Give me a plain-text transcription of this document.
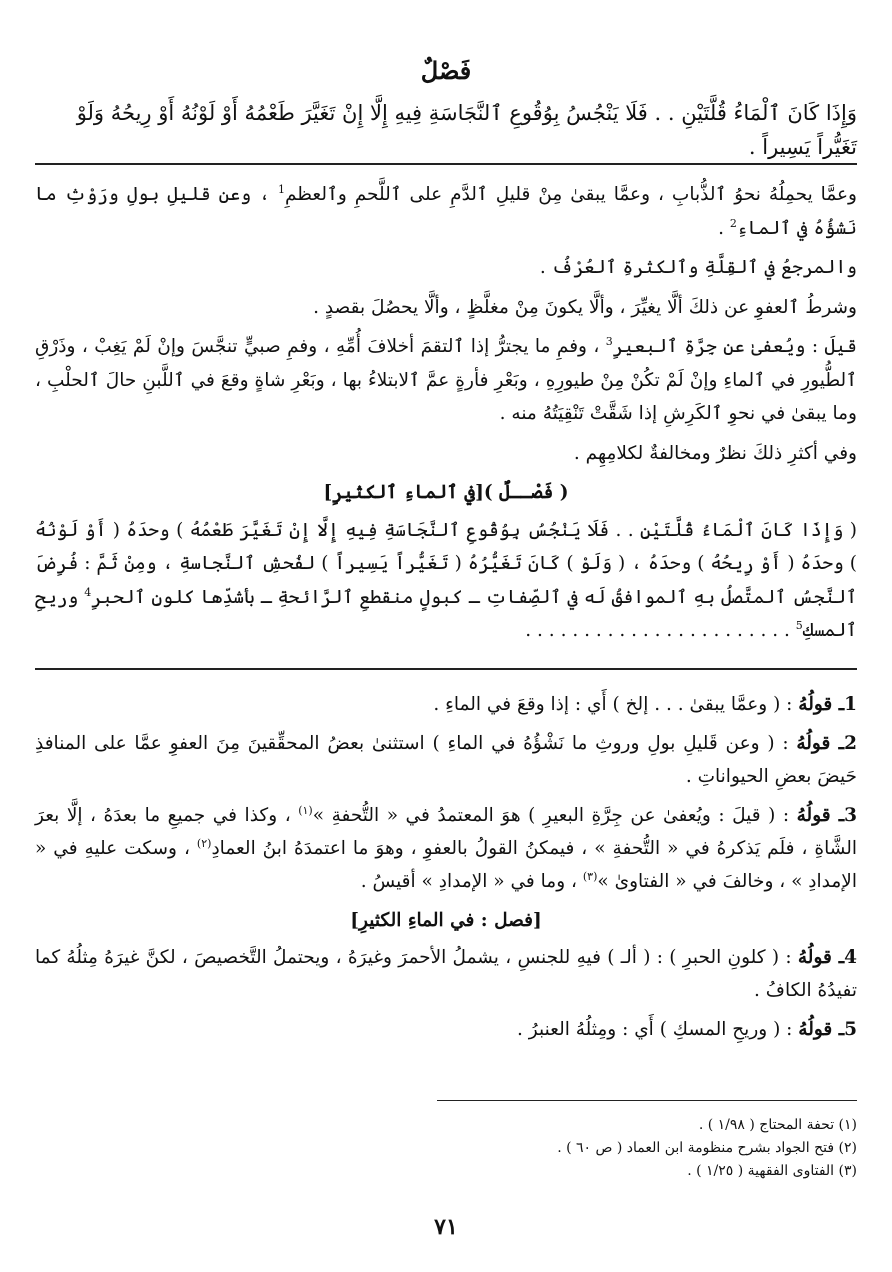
فَصْلٌ
وَإِذَا كَانَ ٱلْمَاءُ قُلَّتَيْنِ . . فَلَا يَنْجُسُ بِوُقُوعِ ٱلنَّجَاسَةِ فِيهِ إِلَّا إِنْ تَغَيَّرَ طَعْمُهُ أَوْ لَوْنُهُ أَوْ رِيحُهُ وَلَوْ تَغَيُّراً يَسِيراً .

وعمَّا يحمِلُهُ نحوُ ٱلذُّبابِ ، وعمَّا يبقىٰ مِنْ قليلِ ٱلدَّمِ على ٱللَّحمِ وٱلعظمِ$^1$ ، وعن قليلِ بولِ ورَوْثِ ما نَشؤُهُ في ٱلماءِ$^2$ .

والمرجعُ في ٱلقِلَّةِ وٱلكثرةِ ٱلعُرْفُ .

وشرطُ ٱلعفوِ عن ذلكَ ألَّا يغيِّرَ ، وألَّا يكونَ مِنْ مغلَّظٍ ، وألَّا يحصُلَ بقصدٍ .

قيلَ : ويُعفىٰ عن جِرَّةِ ٱلبعيرِ$^3$ ، وفمِ ما يجترُّ إذا ٱلتقمَ أخلافَ أُمِّهِ ، وفمِ صبيٍّ تنجَّسَ وإنْ لَمْ يَغِبْ ، وذَرْقِ ٱلطُّيورِ في ٱلماءِ وإنْ لَمْ تكُنْ مِنْ طيورِهِ ، وبَعْرِ فأرةٍ عمَّ ٱلابتلاءُ بها ، وبَعْرِ شاةٍ وقعَ في ٱللَّبنِ حالَ ٱلحلْبِ ، وما يبقىٰ في نحوِ ٱلكَرِشِ إذا شَقَّتْ تَنْقِيَتُهُ منه .

وفي أكثرِ ذلكَ نظرٌ ومخالفةٌ لكلامِهِم .

( فَصْــلٌ )[في ٱلماءِ ٱلكثيرِ]

( وَإِذَا كَانَ ٱلْمَاءُ قُلَّتَيْنِ . . فَلَا يَنْجُسُ بِوُقُوعِ ٱلنَّجَاسَةِ فِيهِ إِلَّا إِنْ تَغَيَّرَ طَعْمُهُ ) وحدَهُ ( أَوْ لَوْنُهُ ) وحدَهُ ( أَوْ رِيحُهُ ) وحدَهُ ، ( وَلَوْ ) كَانَ تَغَيُّرُهُ ( تَغَيُّراً يَسِيراً ) لفُحشِ ٱلنَّجاسةِ ، ومِنْ ثَمَّ : فُرِضَ ٱلنَّجسُ ٱلمتَّصلُ بهِ ٱلموافقُ لَه في ٱلصِّفاتِ ـ كبولٍ منقطعِ ٱلرَّائحةِ ـ بأشدِّها كلونِ ٱلحبرِ$^4$ وريحِ ٱلمسكِ$^5$ . . . . . . . . . . . . . . . . . . . . . . .

1ـ قولُهُ : ( وعمَّا يبقىٰ . . . إلخ ) أَي : إذا وقعَ في الماءِ .

2ـ قولُهُ : ( وعن قَليلِ بولِ وروثِ ما نَشْؤُهُ في الماءِ ) استثنىٰ بعضُ المحقِّقينَ مِنَ العفوِ عمَّا على المنافذِ حَيضَ بعضِ الحيواناتِ .

3ـ قولُهُ : ( قيلَ : ويُعفىٰ عن جِرَّةِ البعيرِ ) هوَ المعتمدُ في « التُّحفةِ »$^{(١)}$ ، وكذا في جميعِ ما بعدَهُ ، إلَّا بعرَ الشَّاةِ ، فلَم يَذكرهُ في « التُّحفةِ » ، فيمكنُ القولُ بالعفوِ ، وهوَ ما اعتمدَهُ ابنُ العمادِ$^{(٢)}$ ، وسكت عليهِ في « الإمدادِ » ، وخالفَ في « الفتاوىٰ »$^{(٣)}$ ، وما في « الإمدادِ » أقيسُ .

[فصل : في الماءِ الكثيرِ]

4ـ قولُهُ : ( كلونِ الحبرِ ) : ( ألـ ) فيهِ للجنسِ ، يشملُ الأحمرَ وغيرَهُ ، ويحتملُ التَّخصيصَ ، لكنَّ غيرَهُ مِثلُهُ كما تفيدُهُ الكافُ .

5ـ قولُهُ : ( وريحِ المسكِ ) أَي : ومِثلُهُ العنبرُ .

(١) تحفة المحتاج ( ١/٩٨ ) .

(٢) فتح الجواد بشرح منظومة ابن العماد ( ص ٦٠ ) .

(٣) الفتاوى الفقهية ( ١/٢٥ ) .

٧١
